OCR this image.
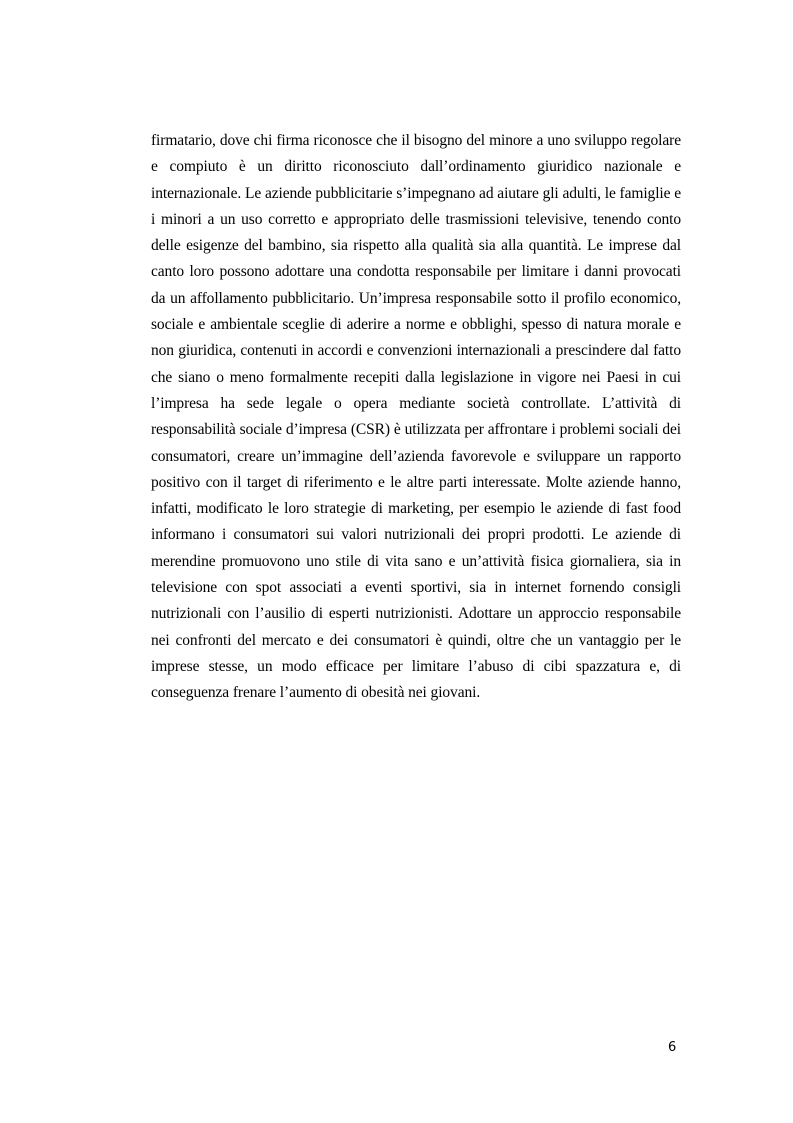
firmatario, dove chi firma riconosce che il bisogno del minore a uno sviluppo regolare e compiuto è un diritto riconosciuto dall’ordinamento giuridico nazionale e internazionale. Le aziende pubblicitarie s’impegnano ad aiutare gli adulti, le famiglie e i minori a un uso corretto e appropriato delle trasmissioni televisive, tenendo conto delle esigenze del bambino, sia rispetto alla qualità sia alla quantità. Le imprese dal canto loro possono adottare una condotta responsabile per limitare i danni provocati da un affollamento pubblicitario. Un’impresa responsabile sotto il profilo economico, sociale e ambientale sceglie di aderire a norme e obblighi, spesso di natura morale e non giuridica, contenuti in accordi e convenzioni internazionali a prescindere dal fatto che siano o meno formalmente recepiti dalla legislazione in vigore nei Paesi in cui l’impresa ha sede legale o opera mediante società controllate. L’attività di responsabilità sociale d’impresa (CSR) è utilizzata per affrontare i problemi sociali dei consumatori, creare un’immagine dell’azienda favorevole e sviluppare un rapporto positivo con il target di riferimento e le altre parti interessate. Molte aziende hanno, infatti, modificato le loro strategie di marketing, per esempio le aziende di fast food informano i consumatori sui valori nutrizionali dei propri prodotti. Le aziende di merendine promuovono uno stile di vita sano e un’attività fisica giornaliera, sia in televisione con spot associati a eventi sportivi, sia in internet fornendo consigli nutrizionali con l’ausilio di esperti nutrizionisti. Adottare un approccio responsabile nei confronti del mercato e dei consumatori è quindi, oltre che un vantaggio per le imprese stesse, un modo efficace per limitare l’abuso di cibi spazzatura e, di conseguenza frenare l’aumento di obesità nei giovani.

6
